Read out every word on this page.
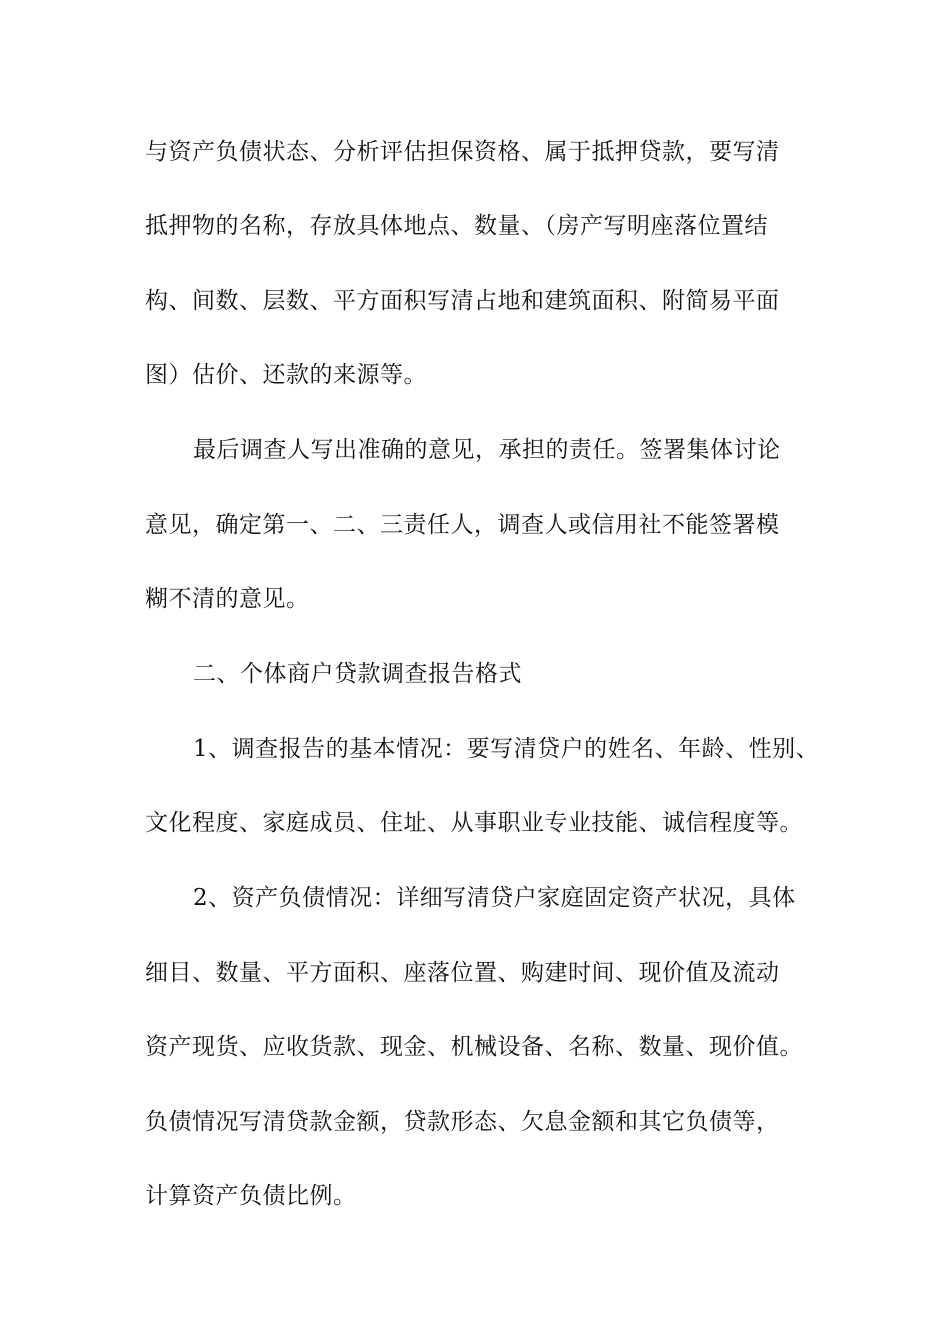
与资产负债状态、分析评估担保资格、属于抵押贷款，要写清
抵押物的名称，存放具体地点、数量、（房产写明座落位置结
构、间数、层数、平方面积写清占地和建筑面积、附简易平面
图）估价、还款的来源等。
最后调查人写出准确的意见，承担的责任。签署集体讨论
意见，确定第一、二、三责任人，调查人或信用社不能签署模
糊不清的意见。
二、个体商户贷款调查报告格式
1、调查报告的基本情况：要写清贷户的姓名、年龄、性别、
文化程度、家庭成员、住址、从事职业专业技能、诚信程度等。
2、资产负债情况：详细写清贷户家庭固定资产状况，具体
细目、数量、平方面积、座落位置、购建时间、现价值及流动
资产现货、应收货款、现金、机械设备、名称、数量、现价值。
负债情况写清贷款金额，贷款形态、欠息金额和其它负债等，
计算资产负债比例。
